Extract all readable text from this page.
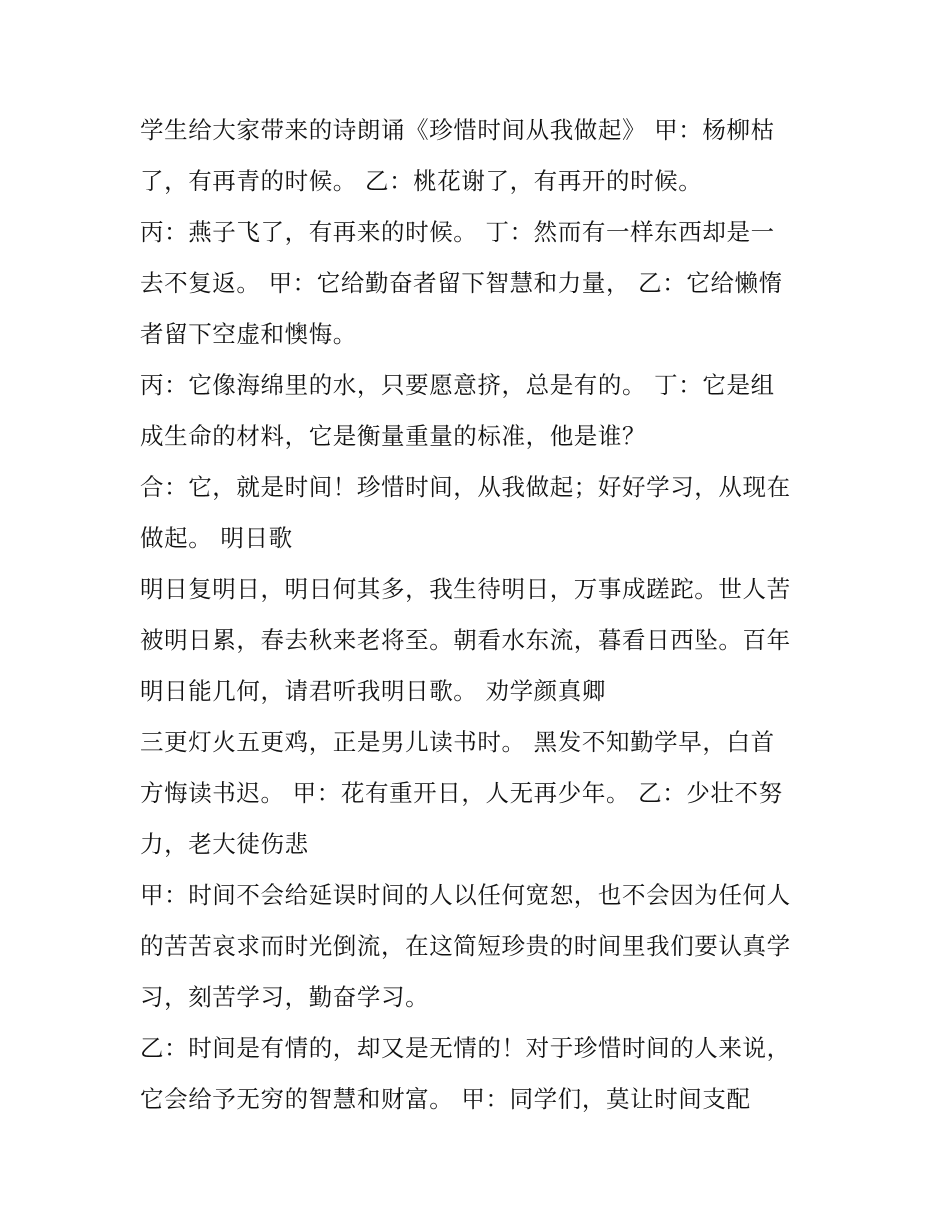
学生给大家带来的诗朗诵《珍惜时间从我做起》 甲：杨柳枯
了，有再青的时候。 乙：桃花谢了，有再开的时候。
丙：燕子飞了，有再来的时候。 丁：然而有一样东西却是一
去不复返。 甲：它给勤奋者留下智慧和力量， 乙：它给懒惰
者留下空虚和懊悔。
丙：它像海绵里的水，只要愿意挤，总是有的。 丁：它是组
成生命的材料，它是衡量重量的标准，他是谁？
合：它，就是时间！珍惜时间，从我做起；好好学习，从现在
做起。 明日歌
明日复明日，明日何其多，我生待明日，万事成蹉跎。世人苦
被明日累，春去秋来老将至。朝看水东流，暮看日西坠。百年
明日能几何，请君听我明日歌。 劝学颜真卿
三更灯火五更鸡，正是男儿读书时。 黑发不知勤学早，白首
方悔读书迟。 甲：花有重开日，人无再少年。 乙：少壮不努
力，老大徒伤悲
甲：时间不会给延误时间的人以任何宽恕，也不会因为任何人
的苦苦哀求而时光倒流，在这简短珍贵的时间里我们要认真学
习，刻苦学习，勤奋学习。
乙：时间是有情的，却又是无情的！对于珍惜时间的人来说，
它会给予无穷的智慧和财富。 甲：同学们，莫让时间支配
